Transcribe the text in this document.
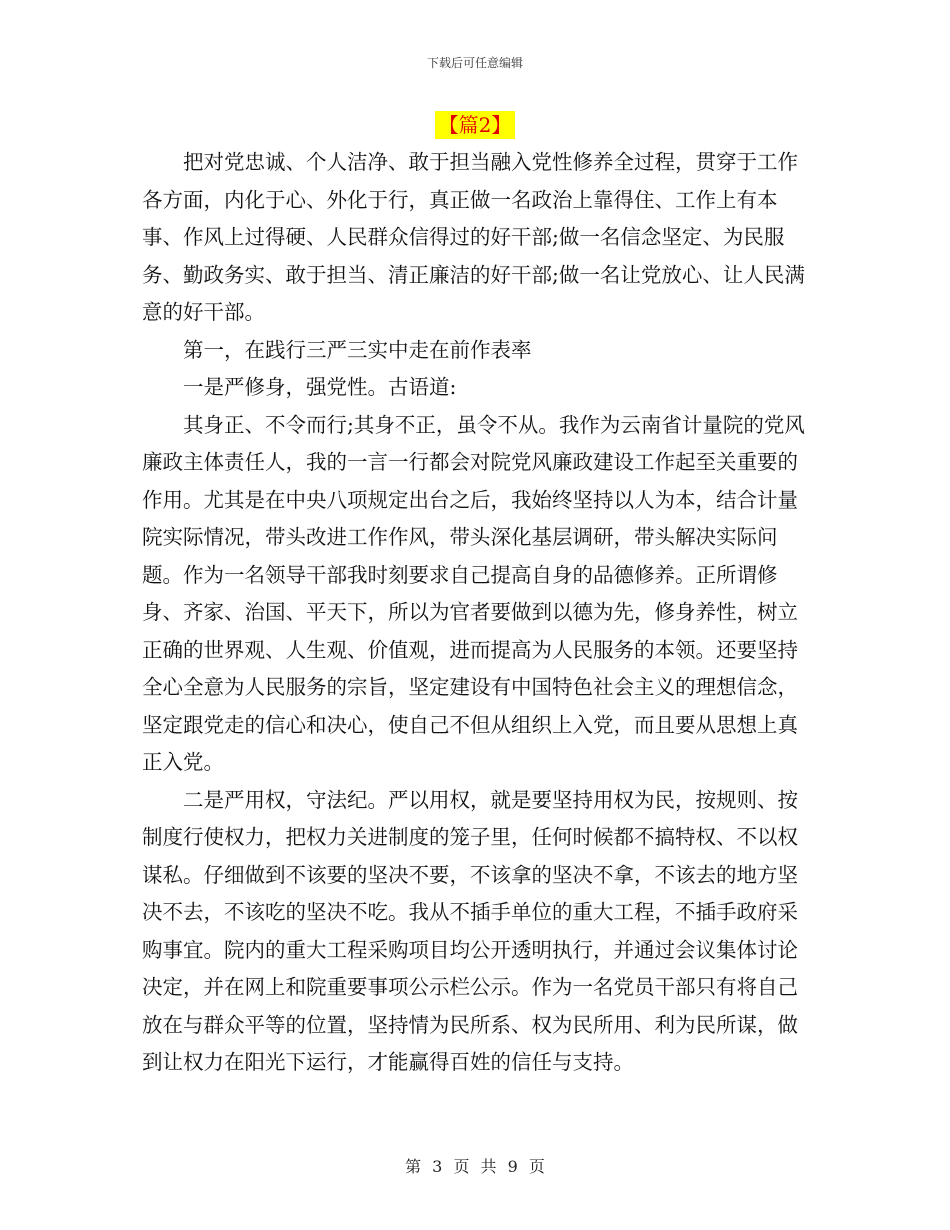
下载后可任意编辑
【篇2】

把对党忠诚、个人洁净、敢于担当融入党性修养全过程，贯穿于工作各方面，内化于心、外化于行，真正做一名政治上靠得住、工作上有本事、作风上过得硬、人民群众信得过的好干部;做一名信念坚定、为民服务、勤政务实、敢于担当、清正廉洁的好干部;做一名让党放心、让人民满意的好干部。

第一，在践行三严三实中走在前作表率

一是严修身，强党性。古语道:

其身正、不令而行;其身不正，虽令不从。我作为云南省计量院的党风廉政主体责任人，我的一言一行都会对院党风廉政建设工作起至关重要的作用。尤其是在中央八项规定出台之后，我始终坚持以人为本，结合计量院实际情况，带头改进工作作风，带头深化基层调研，带头解决实际问题。作为一名领导干部我时刻要求自己提高自身的品德修养。正所谓修身、齐家、治国、平天下，所以为官者要做到以德为先，修身养性，树立正确的世界观、人生观、价值观，进而提高为人民服务的本领。还要坚持全心全意为人民服务的宗旨，坚定建设有中国特色社会主义的理想信念，坚定跟党走的信心和决心，使自己不但从组织上入党，而且要从思想上真正入党。

二是严用权，守法纪。严以用权，就是要坚持用权为民，按规则、按制度行使权力，把权力关进制度的笼子里，任何时候都不搞特权、不以权谋私。仔细做到不该要的坚决不要，不该拿的坚决不拿，不该去的地方坚决不去，不该吃的坚决不吃。我从不插手单位的重大工程，不插手政府采购事宜。院内的重大工程采购项目均公开透明执行，并通过会议集体讨论决定，并在网上和院重要事项公示栏公示。作为一名党员干部只有将自己放在与群众平等的位置，坚持情为民所系、权为民所用、利为民所谋，做到让权力在阳光下运行，才能赢得百姓的信任与支持。

第 3 页 共 9 页
